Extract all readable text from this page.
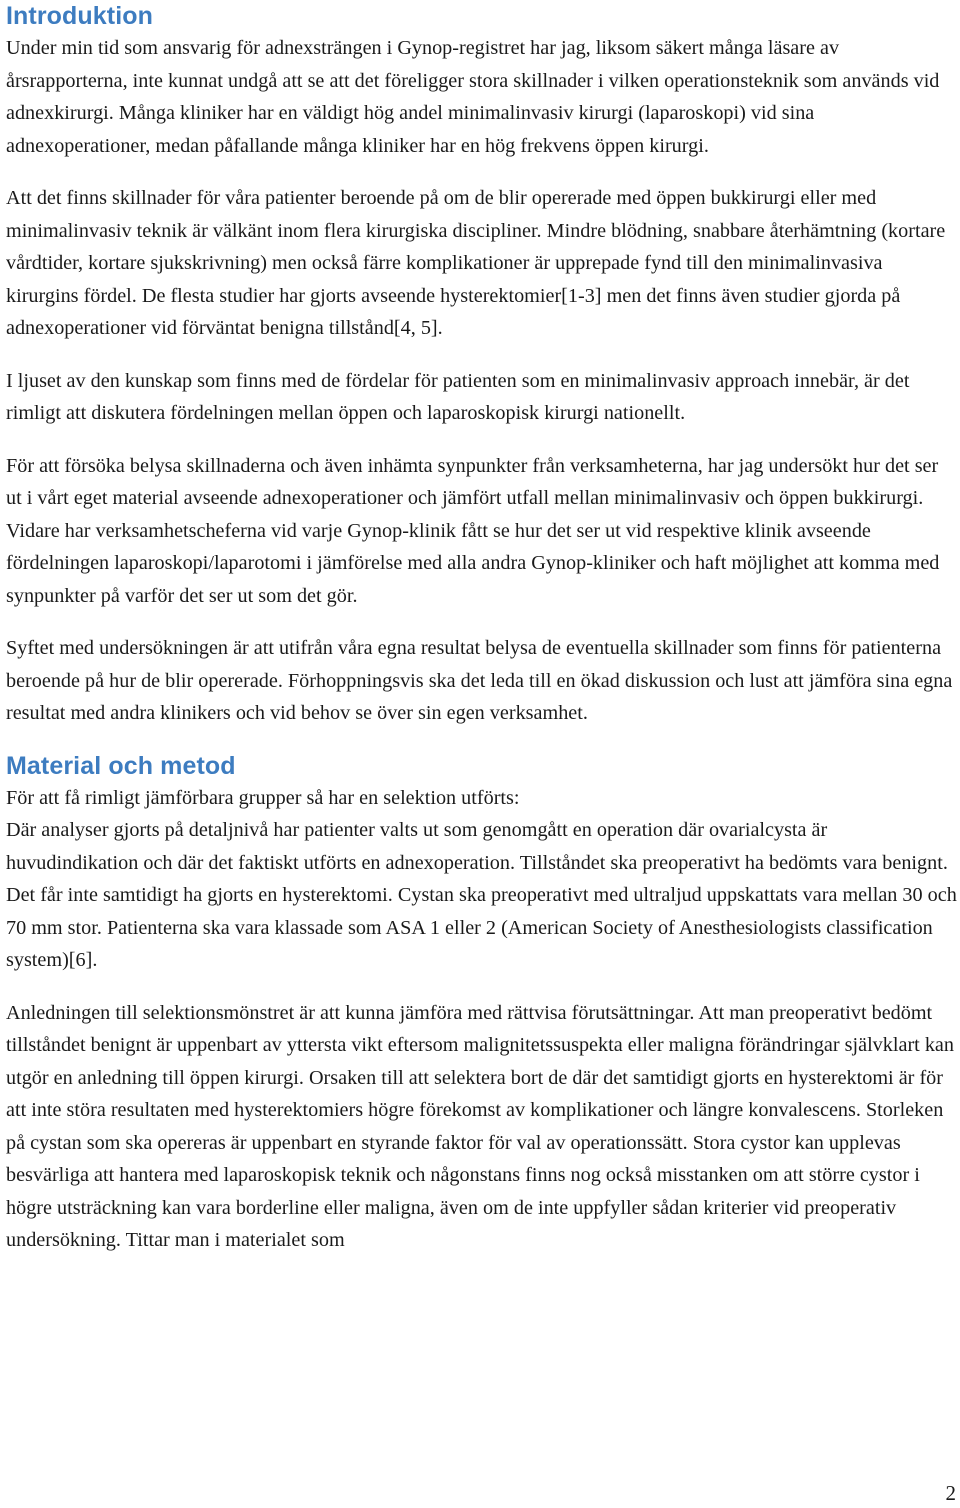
Introduktion

Under min tid som ansvarig för adnexsträngen i Gynop-registret har jag, liksom säkert många läsare av årsrapporterna, inte kunnat undgå att se att det föreligger stora skillnader i vilken operationsteknik som används vid adnexkirurgi. Många kliniker har en väldigt hög andel minimalinvasiv kirurgi (laparoskopi) vid sina adnexoperationer, medan påfallande många kliniker har en hög frekvens öppen kirurgi.

Att det finns skillnader för våra patienter beroende på om de blir opererade med öppen bukkirurgi eller med minimalinvasiv teknik är välkänt inom flera kirurgiska discipliner. Mindre blödning, snabbare återhämtning (kortare vårdtider, kortare sjukskrivning) men också färre komplikationer är upprepade fynd till den minimalinvasiva kirurgins fördel. De flesta studier har gjorts avseende hysterektomier[1-3] men det finns även studier gjorda på adnexoperationer vid förväntat benigna tillstånd[4, 5].

I ljuset av den kunskap som finns med de fördelar för patienten som en minimalinvasiv approach innebär, är det rimligt att diskutera fördelningen mellan öppen och laparoskopisk kirurgi nationellt.

För att försöka belysa skillnaderna och även inhämta synpunkter från verksamheterna, har jag undersökt hur det ser ut i vårt eget material avseende adnexoperationer och jämfört utfall mellan minimalinvasiv och öppen bukkirurgi. Vidare har verksamhetscheferna vid varje Gynop-klinik fått se hur det ser ut vid respektive klinik avseende fördelningen laparoskopi/laparotomi i jämförelse med alla andra Gynop-kliniker och haft möjlighet att komma med synpunkter på varför det ser ut som det gör.

Syftet med undersökningen är att utifrån våra egna resultat belysa de eventuella skillnader som finns för patienterna beroende på hur de blir opererade. Förhoppningsvis ska det leda till en ökad diskussion och lust att jämföra sina egna resultat med andra klinikers och vid behov se över sin egen verksamhet.

Material och metod

För att få rimligt jämförbara grupper så har en selektion utförts:

Där analyser gjorts på detaljnivå har patienter valts ut som genomgått en operation där ovarialcysta är huvudindikation och där det faktiskt utförts en adnexoperation. Tillståndet ska preoperativt ha bedömts vara benignt. Det får inte samtidigt ha gjorts en hysterektomi. Cystan ska preoperativt med ultraljud uppskattats vara mellan 30 och 70 mm stor. Patienterna ska vara klassade som ASA 1 eller 2 (American Society of Anesthesiologists classification system)[6].

Anledningen till selektionsmönstret är att kunna jämföra med rättvisa förutsättningar. Att man preoperativt bedömt tillståndet benignt är uppenbart av yttersta vikt eftersom malignitetssuspekta eller maligna förändringar självklart kan utgör en anledning till öppen kirurgi. Orsaken till att selektera bort de där det samtidigt gjorts en hysterektomi är för att inte störa resultaten med hysterektomiers högre förekomst av komplikationer och längre konvalescens. Storleken på cystan som ska opereras är uppenbart en styrande faktor för val av operationssätt. Stora cystor kan upplevas besvärliga att hantera med laparoskopisk teknik och någonstans finns nog också misstanken om att större cystor i högre utsträckning kan vara borderline eller maligna, även om de inte uppfyller sådan kriterier vid preoperativ undersökning. Tittar man i materialet som

2
